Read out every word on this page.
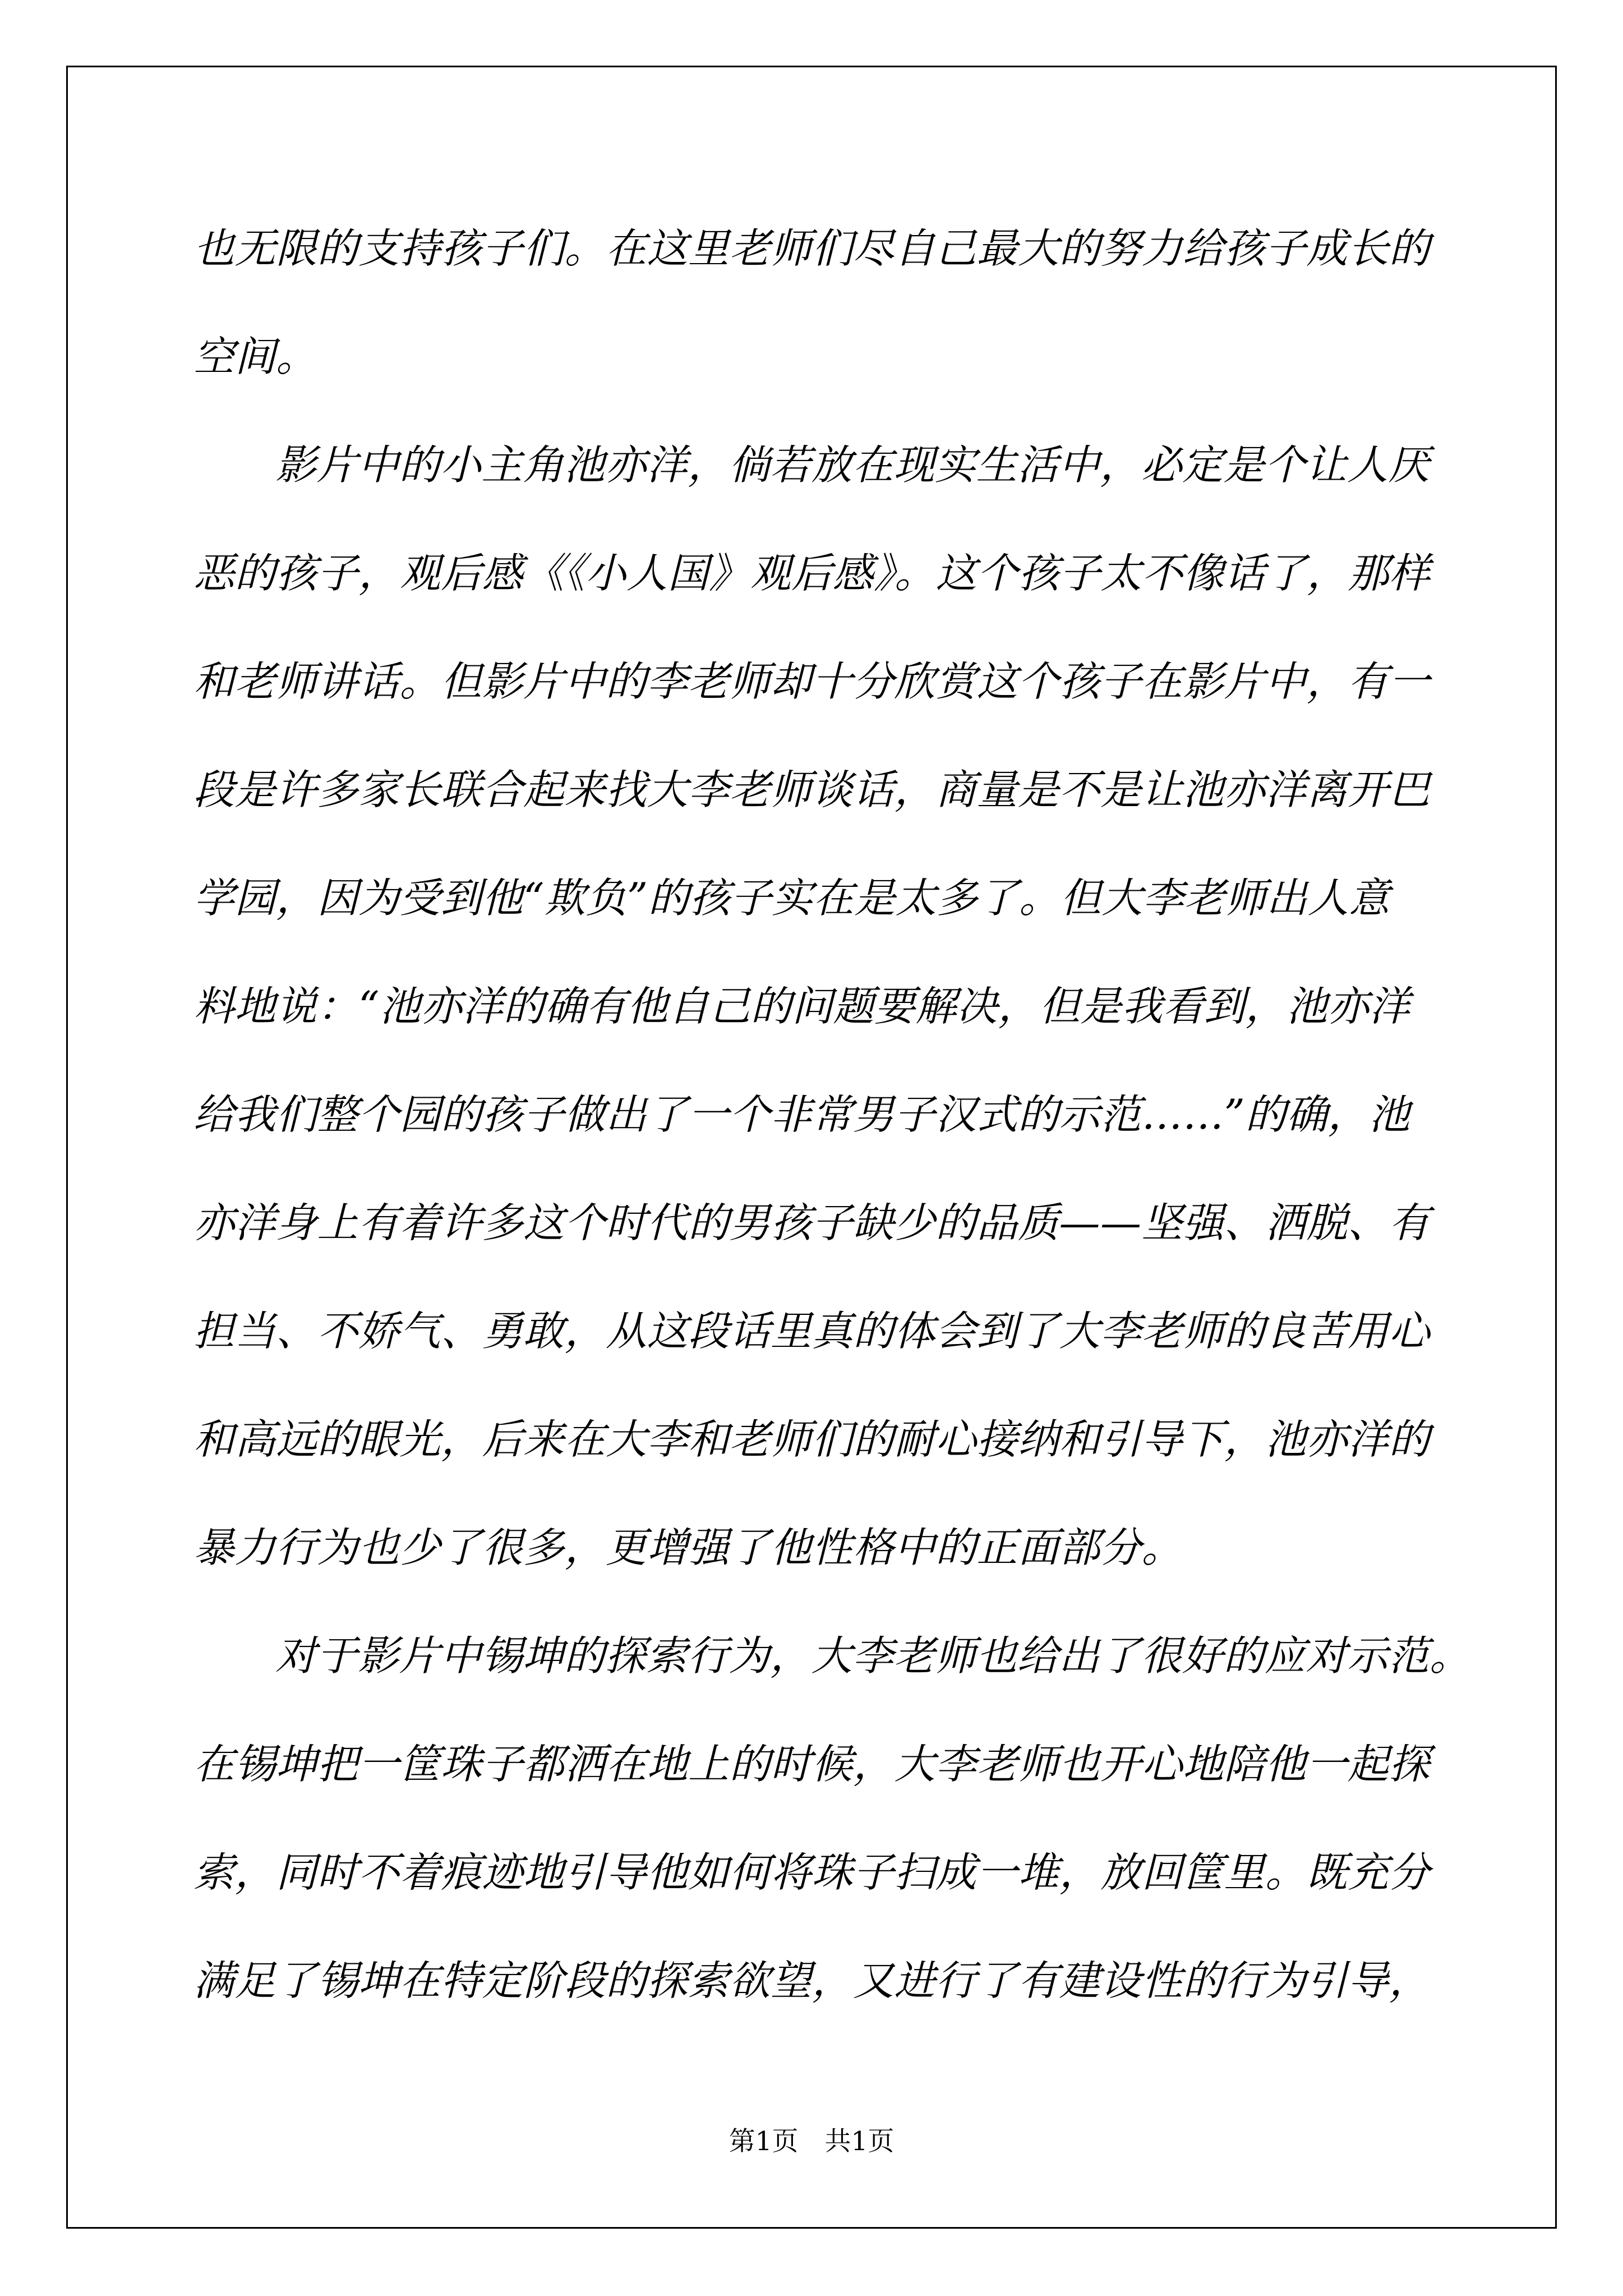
也无限的支持孩子们。在这里老师们尽自己最大的努力给孩子成长的
空间。
影片中的小主角池亦洋，倘若放在现实生活中，必定是个让人厌
恶的孩子，观后感《《小人国》观后感》。这个孩子太不像话了，那样
和老师讲话。但影片中的李老师却十分欣赏这个孩子在影片中，有一
段是许多家长联合起来找大李老师谈话，商量是不是让池亦洋离开巴
学园，因为受到他“欺负”的孩子实在是太多了。但大李老师出人意
料地说：“池亦洋的确有他自己的问题要解决，但是我看到，池亦洋
给我们整个园的孩子做出了一个非常男子汉式的示范……”的确，池
亦洋身上有着许多这个时代的男孩子缺少的品质——坚强、洒脱、有
担当、不娇气、勇敢，从这段话里真的体会到了大李老师的良苦用心
和高远的眼光，后来在大李和老师们的耐心接纳和引导下，池亦洋的
暴力行为也少了很多，更增强了他性格中的正面部分。
对于影片中锡坤的探索行为，大李老师也给出了很好的应对示范。
在锡坤把一筐珠子都洒在地上的时候，大李老师也开心地陪他一起探
索，同时不着痕迹地引导他如何将珠子扫成一堆，放回筐里。既充分
满足了锡坤在特定阶段的探索欲望，又进行了有建设性的行为引导，
第1页　共1页
